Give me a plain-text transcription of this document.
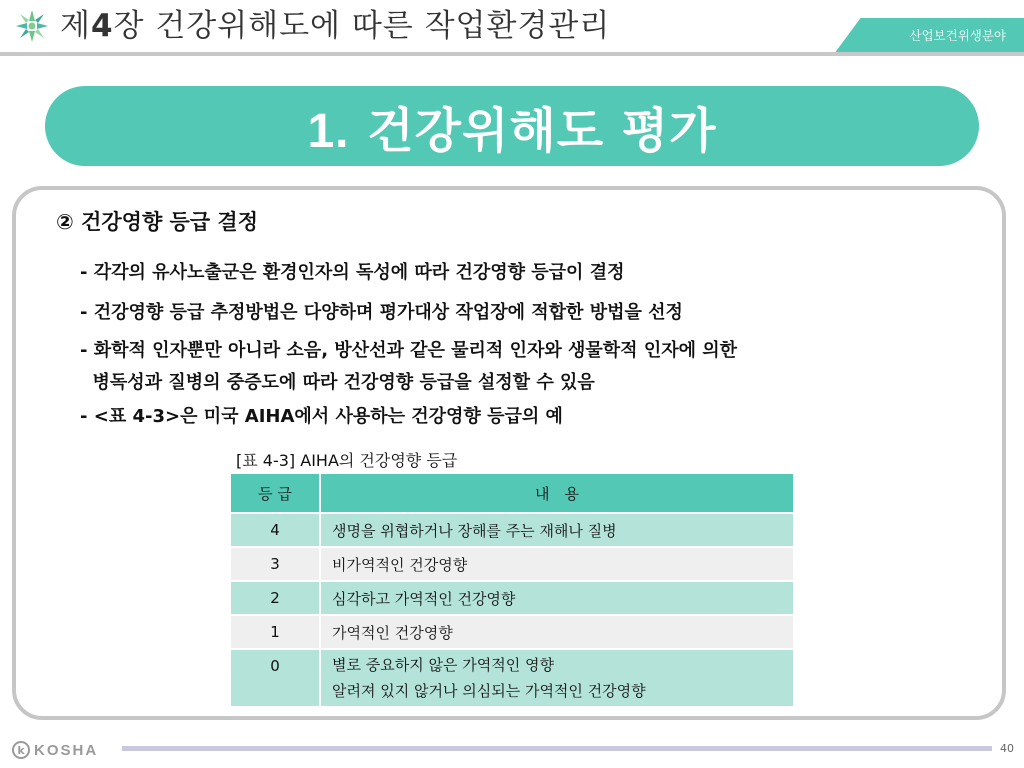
제4장 건강위해도에 따른 작업환경관리	산업보건위생분야
1. 건강위해도 평가
② 건강영향 등급 결정
- 각각의 유사노출군은 환경인자의 독성에 따라 건강영향 등급이 결정
- 건강영향 등급 추정방법은 다양하며 평가대상 작업장에 적합한 방법을 선정
- 화학적 인자뿐만 아니라 소음, 방산선과 같은 물리적 인자와 생물학적 인자에 의한
병독성과 질병의 중증도에 따라 건강영향 등급을 설정할 수 있음
- <표 4-3>은 미국 AIHA에서 사용하는 건강영향 등급의 예
[표 4-3] AIHA의 건강영향 등급
등 급	내　용
4	생명을 위협하거나 장해를 주는 재해나 질병
3	비가역적인 건강영향
2	심각하고 가역적인 건강영향
1	가역적인 건강영향
0	별로 중요하지 않은 가역적인 영향
알려져 있지 않거나 의심되는 가역적인 건강영향
k KOSHA	40
